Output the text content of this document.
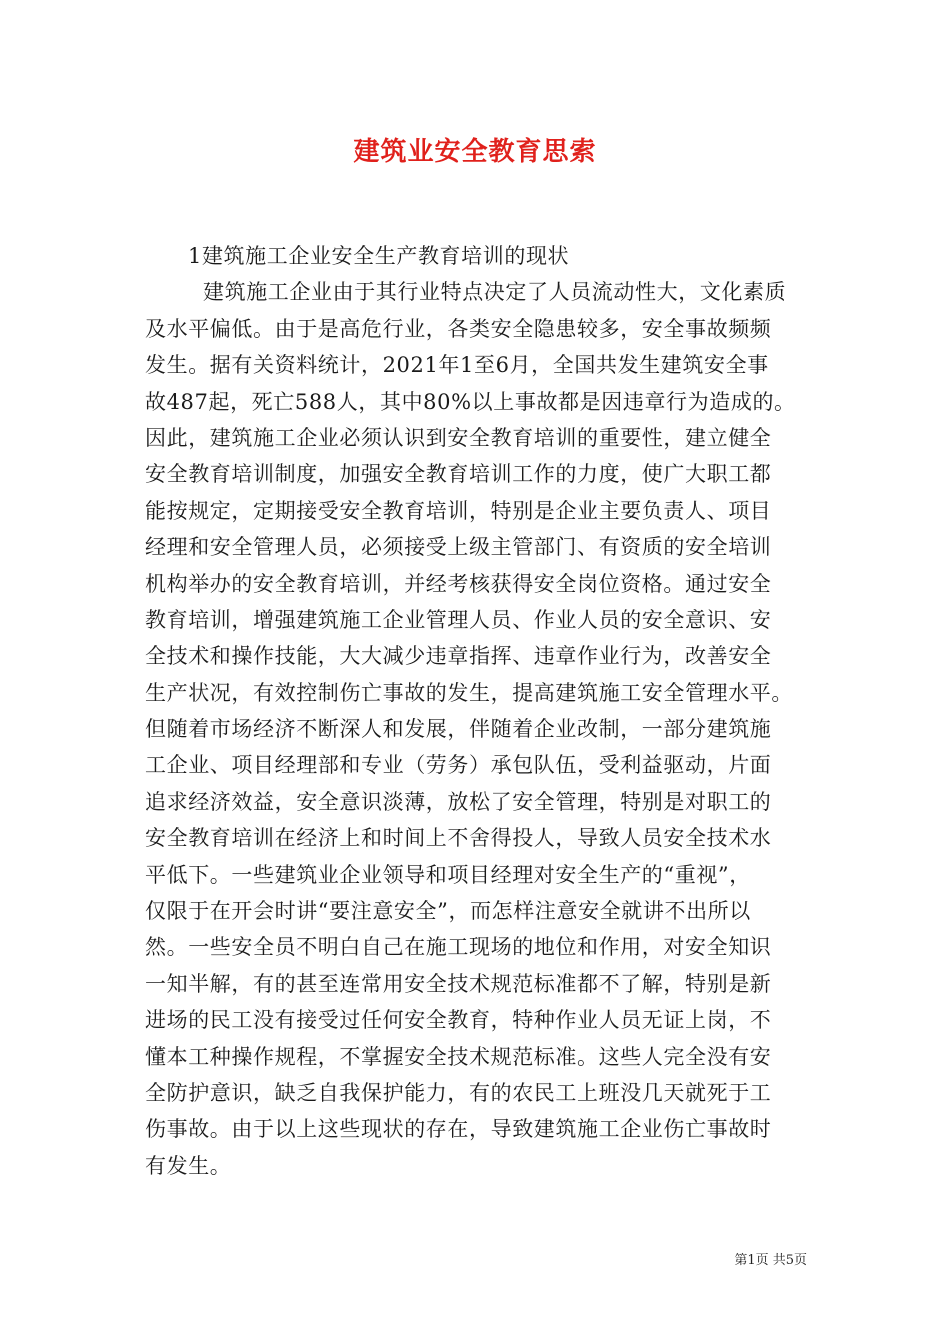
建筑业安全教育思索
1建筑施工企业安全生产教育培训的现状
建筑施工企业由于其行业特点决定了人员流动性大，文化素质
及水平偏低。由于是高危行业，各类安全隐患较多，安全事故频频
发生。据有关资料统计，2021年1至6月，全国共发生建筑安全事
故487起，死亡588人，其中80%以上事故都是因违章行为造成的。
因此，建筑施工企业必须认识到安全教育培训的重要性，建立健全
安全教育培训制度，加强安全教育培训工作的力度，使广大职工都
能按规定，定期接受安全教育培训，特别是企业主要负责人、项目
经理和安全管理人员，必须接受上级主管部门、有资质的安全培训
机构举办的安全教育培训，并经考核获得安全岗位资格。通过安全
教育培训，增强建筑施工企业管理人员、作业人员的安全意识、安
全技术和操作技能，大大减少违章指挥、违章作业行为，改善安全
生产状况，有效控制伤亡事故的发生，提高建筑施工安全管理水平。
但随着市场经济不断深人和发展，伴随着企业改制，一部分建筑施
工企业、项目经理部和专业（劳务）承包队伍，受利益驱动，片面
追求经济效益，安全意识淡薄，放松了安全管理，特别是对职工的
安全教育培训在经济上和时间上不舍得投人，导致人员安全技术水
平低下。一些建筑业企业领导和项目经理对安全生产的“重视”，
仅限于在开会时讲“要注意安全”，而怎样注意安全就讲不出所以
然。一些安全员不明白自己在施工现场的地位和作用，对安全知识
一知半解，有的甚至连常用安全技术规范标准都不了解，特别是新
进场的民工没有接受过任何安全教育，特种作业人员无证上岗，不
懂本工种操作规程，不掌握安全技术规范标准。这些人完全没有安
全防护意识，缺乏自我保护能力，有的农民工上班没几天就死于工
伤事故。由于以上这些现状的存在，导致建筑施工企业伤亡事故时
有发生。
第1页 共5页
